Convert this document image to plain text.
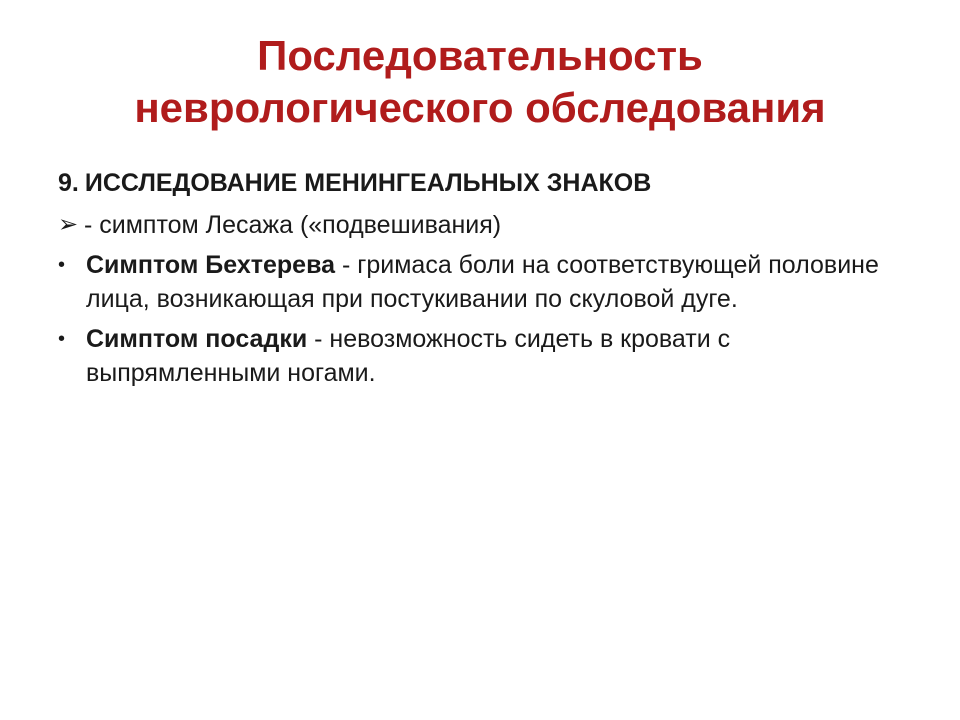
Последовательность
неврологического обследования
9. ИССЛЕДОВАНИЕ МЕНИНГЕАЛЬНЫХ ЗНАКОВ
➢ - симптом Лесажа («подвешивания)
• Симптом Бехтерева - гримаса боли на соответствующей половине лица, возникающая при постукивании по скуловой дуге.
• Симптом посадки - невозможность сидеть в кровати с выпрямленными ногами.
